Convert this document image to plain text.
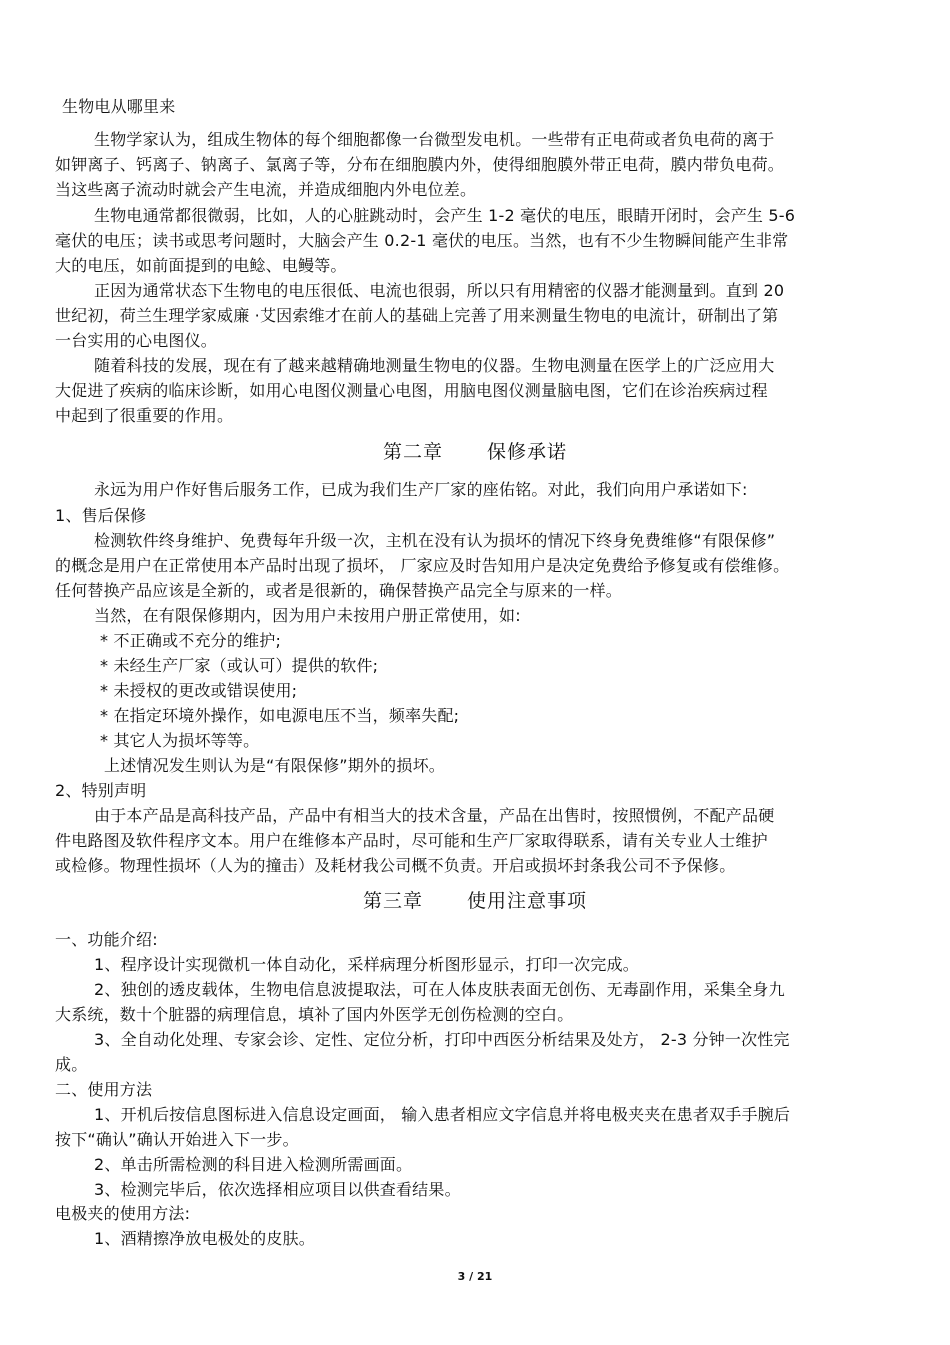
生物电从哪里来
生物学家认为，组成生物体的每个细胞都像一台微型发电机。一些带有正电荷或者负电荷的离于
如钾离子、钙离子、钠离子、氯离子等，分布在细胞膜内外，使得细胞膜外带正电荷，膜内带负电荷。
当这些离子流动时就会产生电流，并造成细胞内外电位差。
生物电通常都很微弱，比如，人的心脏跳动时，会产生 1-2 毫伏的电压，眼睛开闭时，会产生 5-6
毫伏的电压；读书或思考问题时，大脑会产生 0.2-1 毫伏的电压。当然，也有不少生物瞬间能产生非常
大的电压，如前面提到的电鲶、电鳗等。
正因为通常状态下生物电的电压很低、电流也很弱，所以只有用精密的仪器才能测量到。直到 20
世纪初，荷兰生理学家威廉 ·艾因索维才在前人的基础上完善了用来测量生物电的电流计，研制出了第
一台实用的心电图仪。
随着科技的发展，现在有了越来越精确地测量生物电的仪器。生物电测量在医学上的广泛应用大
大促进了疾病的临床诊断，如用心电图仪测量心电图，用脑电图仪测量脑电图，它们在诊治疾病过程
中起到了很重要的作用。
第二章 保修承诺
永远为用户作好售后服务工作，已成为我们生产厂家的座佑铭。对此，我们向用户承诺如下:
1、售后保修
检测软件终身维护、免费每年升级一次，主机在没有认为损坏的情况下终身免费维修“有限保修”
的概念是用户在正常使用本产品时出现了损坏， 厂家应及时告知用户是决定免费给予修复或有偿维修。
任何替换产品应该是全新的，或者是很新的，确保替换产品完全与原来的一样。
当然，在有限保修期内，因为用户未按用户册正常使用，如:
* 不正确或不充分的维护;
* 未经生产厂家（或认可）提供的软件;
* 未授权的更改或错误使用;
* 在指定环境外操作，如电源电压不当，频率失配;
* 其它人为损坏等等。
上述情况发生则认为是“有限保修”期外的损坏。
2、特别声明
由于本产品是高科技产品，产品中有相当大的技术含量，产品在出售时，按照惯例，不配产品硬
件电路图及软件程序文本。用户在维修本产品时，尽可能和生产厂家取得联系，请有关专业人士维护
或检修。物理性损坏（人为的撞击）及耗材我公司概不负责。开启或损坏封条我公司不予保修。
第三章 使用注意事项
一、功能介绍:
1、程序设计实现微机一体自动化，采样病理分析图形显示，打印一次完成。
2、独创的透皮载体，生物电信息波提取法，可在人体皮肤表面无创伤、无毒副作用，采集全身九
大系统，数十个脏器的病理信息，填补了国内外医学无创伤检测的空白。
3、全自动化处理、专家会诊、定性、定位分析，打印中西医分析结果及处方， 2-3 分钟一次性完
成。
二、使用方法
1、开机后按信息图标进入信息设定画面， 输入患者相应文字信息并将电极夹夹在患者双手手腕后
按下“确认”确认开始进入下一步。
2、单击所需检测的科目进入检测所需画面。
3、检测完毕后，依次选择相应项目以供查看结果。
电极夹的使用方法:
1、酒精擦净放电极处的皮肤。
3 / 21
